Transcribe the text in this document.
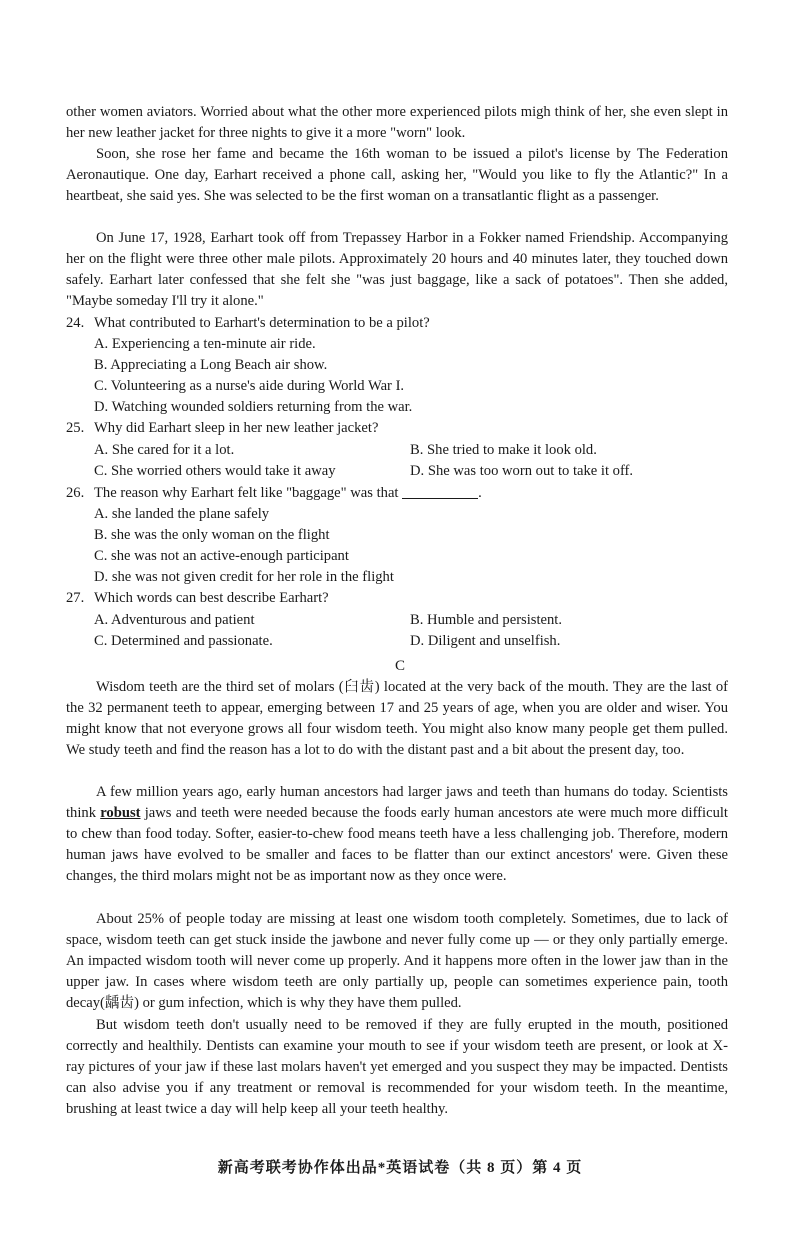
other women aviators. Worried about what the other more experienced pilots migh think of her, she even slept in her new leather jacket for three nights to give it a more "worn" look.

Soon, she rose her fame and became the 16th woman to be issued a pilot's license by The Federation Aeronautique. One day, Earhart received a phone call, asking her, "Would you like to fly the Atlantic?" In a heartbeat, she said yes. She was selected to be the first woman on a transatlantic flight as a passenger.

On June 17, 1928, Earhart took off from Trepassey Harbor in a Fokker named Friendship. Accompanying her on the flight were three other male pilots. Approximately 20 hours and 40 minutes later, they touched down safely. Earhart later confessed that she felt she "was just baggage, like a sack of potatoes". Then she added, "Maybe someday I'll try it alone."

24. What contributed to Earhart's determination to be a pilot?

A. Experiencing a ten-minute air ride.

B. Appreciating a Long Beach air show.

C. Volunteering as a nurse's aide during World War I.

D. Watching wounded soldiers returning from the war.

25. Why did Earhart sleep in her new leather jacket?

A. She cared for it a lot.	B. She tried to make it look old.

C. She worried others would take it away	D. She was too worn out to take it off.

26. The reason why Earhart felt like "baggage" was that	.

A. she landed the plane safely

B. she was the only woman on the flight

C. she was not an active-enough participant

D. she was not given credit for her role in the flight

27. Which words can best describe Earhart?

A. Adventurous and patient	B. Humble and persistent.

C. Determined and passionate.	D. Diligent and unselfish.

C

Wisdom teeth are the third set of molars (臼齿) located at the very back of the mouth. They are the last of the 32 permanent teeth to appear, emerging between 17 and 25 years of age, when you are older and wiser. You might know that not everyone grows all four wisdom teeth. You might also know many people get them pulled. We study teeth and find the reason has a lot to do with the distant past and a bit about the present day, too.

A few million years ago, early human ancestors had larger jaws and teeth than humans do today. Scientists think robust jaws and teeth were needed because the foods early human ancestors ate were much more difficult to chew than food today. Softer, easier-to-chew food means teeth have a less challenging job. Therefore, modern human jaws have evolved to be smaller and faces to be flatter than our extinct ancestors' were. Given these changes, the third molars might not be as important now as they once were.

About 25% of people today are missing at least one wisdom tooth completely. Sometimes, due to lack of space, wisdom teeth can get stuck inside the jawbone and never fully come up — or they only partially emerge. An impacted wisdom tooth will never come up properly. And it happens more often in the lower jaw than in the upper jaw. In cases where wisdom teeth are only partially up, people can sometimes experience pain, tooth decay(龋齿) or gum infection, which is why they have them pulled.

But wisdom teeth don't usually need to be removed if they are fully erupted in the mouth, positioned correctly and healthily. Dentists can examine your mouth to see if your wisdom teeth are present, or look at X-ray pictures of your jaw if these last molars haven't yet emerged and you suspect they may be impacted. Dentists can also advise you if any treatment or removal is recommended for your wisdom teeth. In the meantime, brushing at least twice a day will help keep all your teeth healthy.

新高考联考协作体出品*英语试卷（共 8 页）第 4 页
